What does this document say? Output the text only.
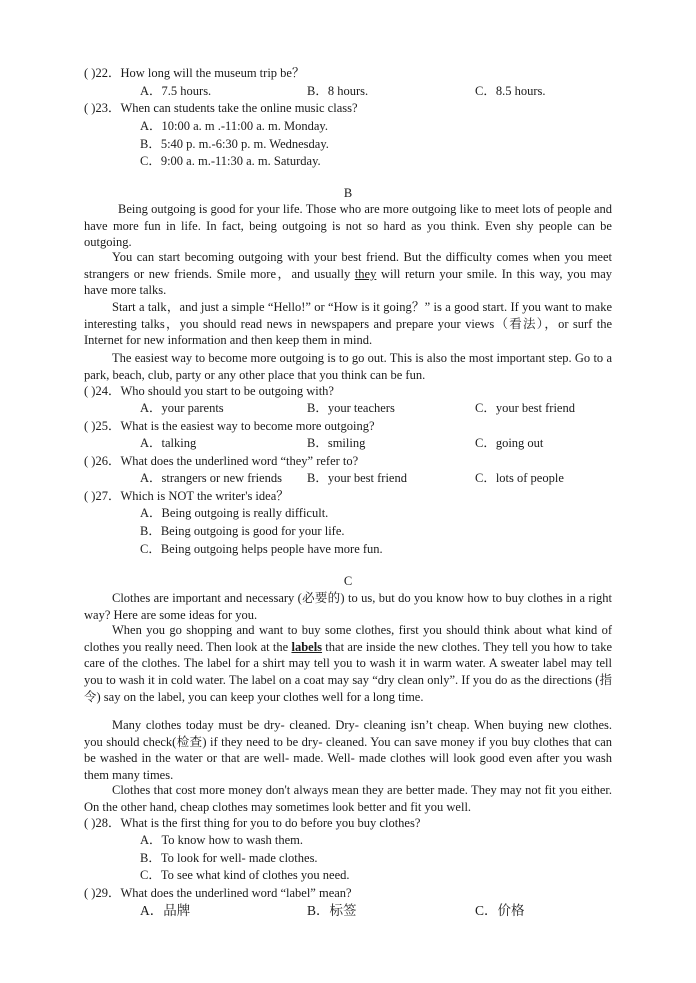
( )22．How long will the museum trip be？
A．7.5 hours.	B．8 hours.	C．8.5 hours.
( )23．When can students take the online music class?
A．10:00 a. m .-11:00 a. m. Monday.
B．5:40 p. m.-6:30 p. m. Wednesday.
C．9:00 a. m.-11:30 a. m. Saturday.
B
Being outgoing is good for your life. Those who are more outgoing like to meet lots of people and have more fun in life. In fact, being outgoing is not so hard as you think. Even shy people can be outgoing.
You can start becoming outgoing with your best friend. But the difficulty comes when you meet strangers or new friends. Smile more，and usually they will return your smile. In this way, you may have more talks.
Start a talk，and just a simple “Hello!” or “How is it going？” is a good start. If you want to make interesting talks，you should read news in newspapers and prepare your views（看法），or surf the Internet for new information and then keep them in mind.
The easiest way to become more outgoing is to go out. This is also the most important step. Go to a park, beach, club, party or any other place that you think can be fun.
( )24．Who should you start to be outgoing with?
A．your parents	B．your teachers	C．your best friend
( )25．What is the easiest way to become more outgoing?
A．talking	B．smiling	C．going out
( )26．What does the underlined word “they” refer to?
A．strangers or new friends B．your best friend	C．lots of people
( )27．Which is NOT the writer's idea？
A．Being outgoing is really difficult.
B．Being outgoing is good for your life.
C．Being outgoing helps people have more fun.
C
Clothes are important and necessary (必要的) to us, but do you know how to buy clothes in a right way? Here are some ideas for you.
When you go shopping and want to buy some clothes, first you should think about what kind of clothes you really need. Then look at the labels that are inside the new clothes. They tell you how to take care of the clothes. The label for a shirt may tell you to wash it in warm water. A sweater label may tell you to wash it in cold water. The label on a coat may say “dry clean only”. If you do as the directions (指令) say on the label, you can keep your clothes well for a long time.
Many clothes today must be dry- cleaned. Dry- cleaning isn’t cheap. When buying new clothes. you should check(检查) if they need to be dry- cleaned. You can save money if you buy clothes that can be washed in the water or that are well- made. Well- made clothes will look good even after you wash them many times.
Clothes that cost more money don't always mean they are better made. They may not fit you either. On the other hand, cheap clothes may sometimes look better and fit you well.
( )28．What is the first thing for you to do before you buy clothes?
A．To know how to wash them.
B．To look for well- made clothes.
C．To see what kind of clothes you need.
( )29．What does the underlined word “label” mean?
A．品牌	B．标签	C．价格
